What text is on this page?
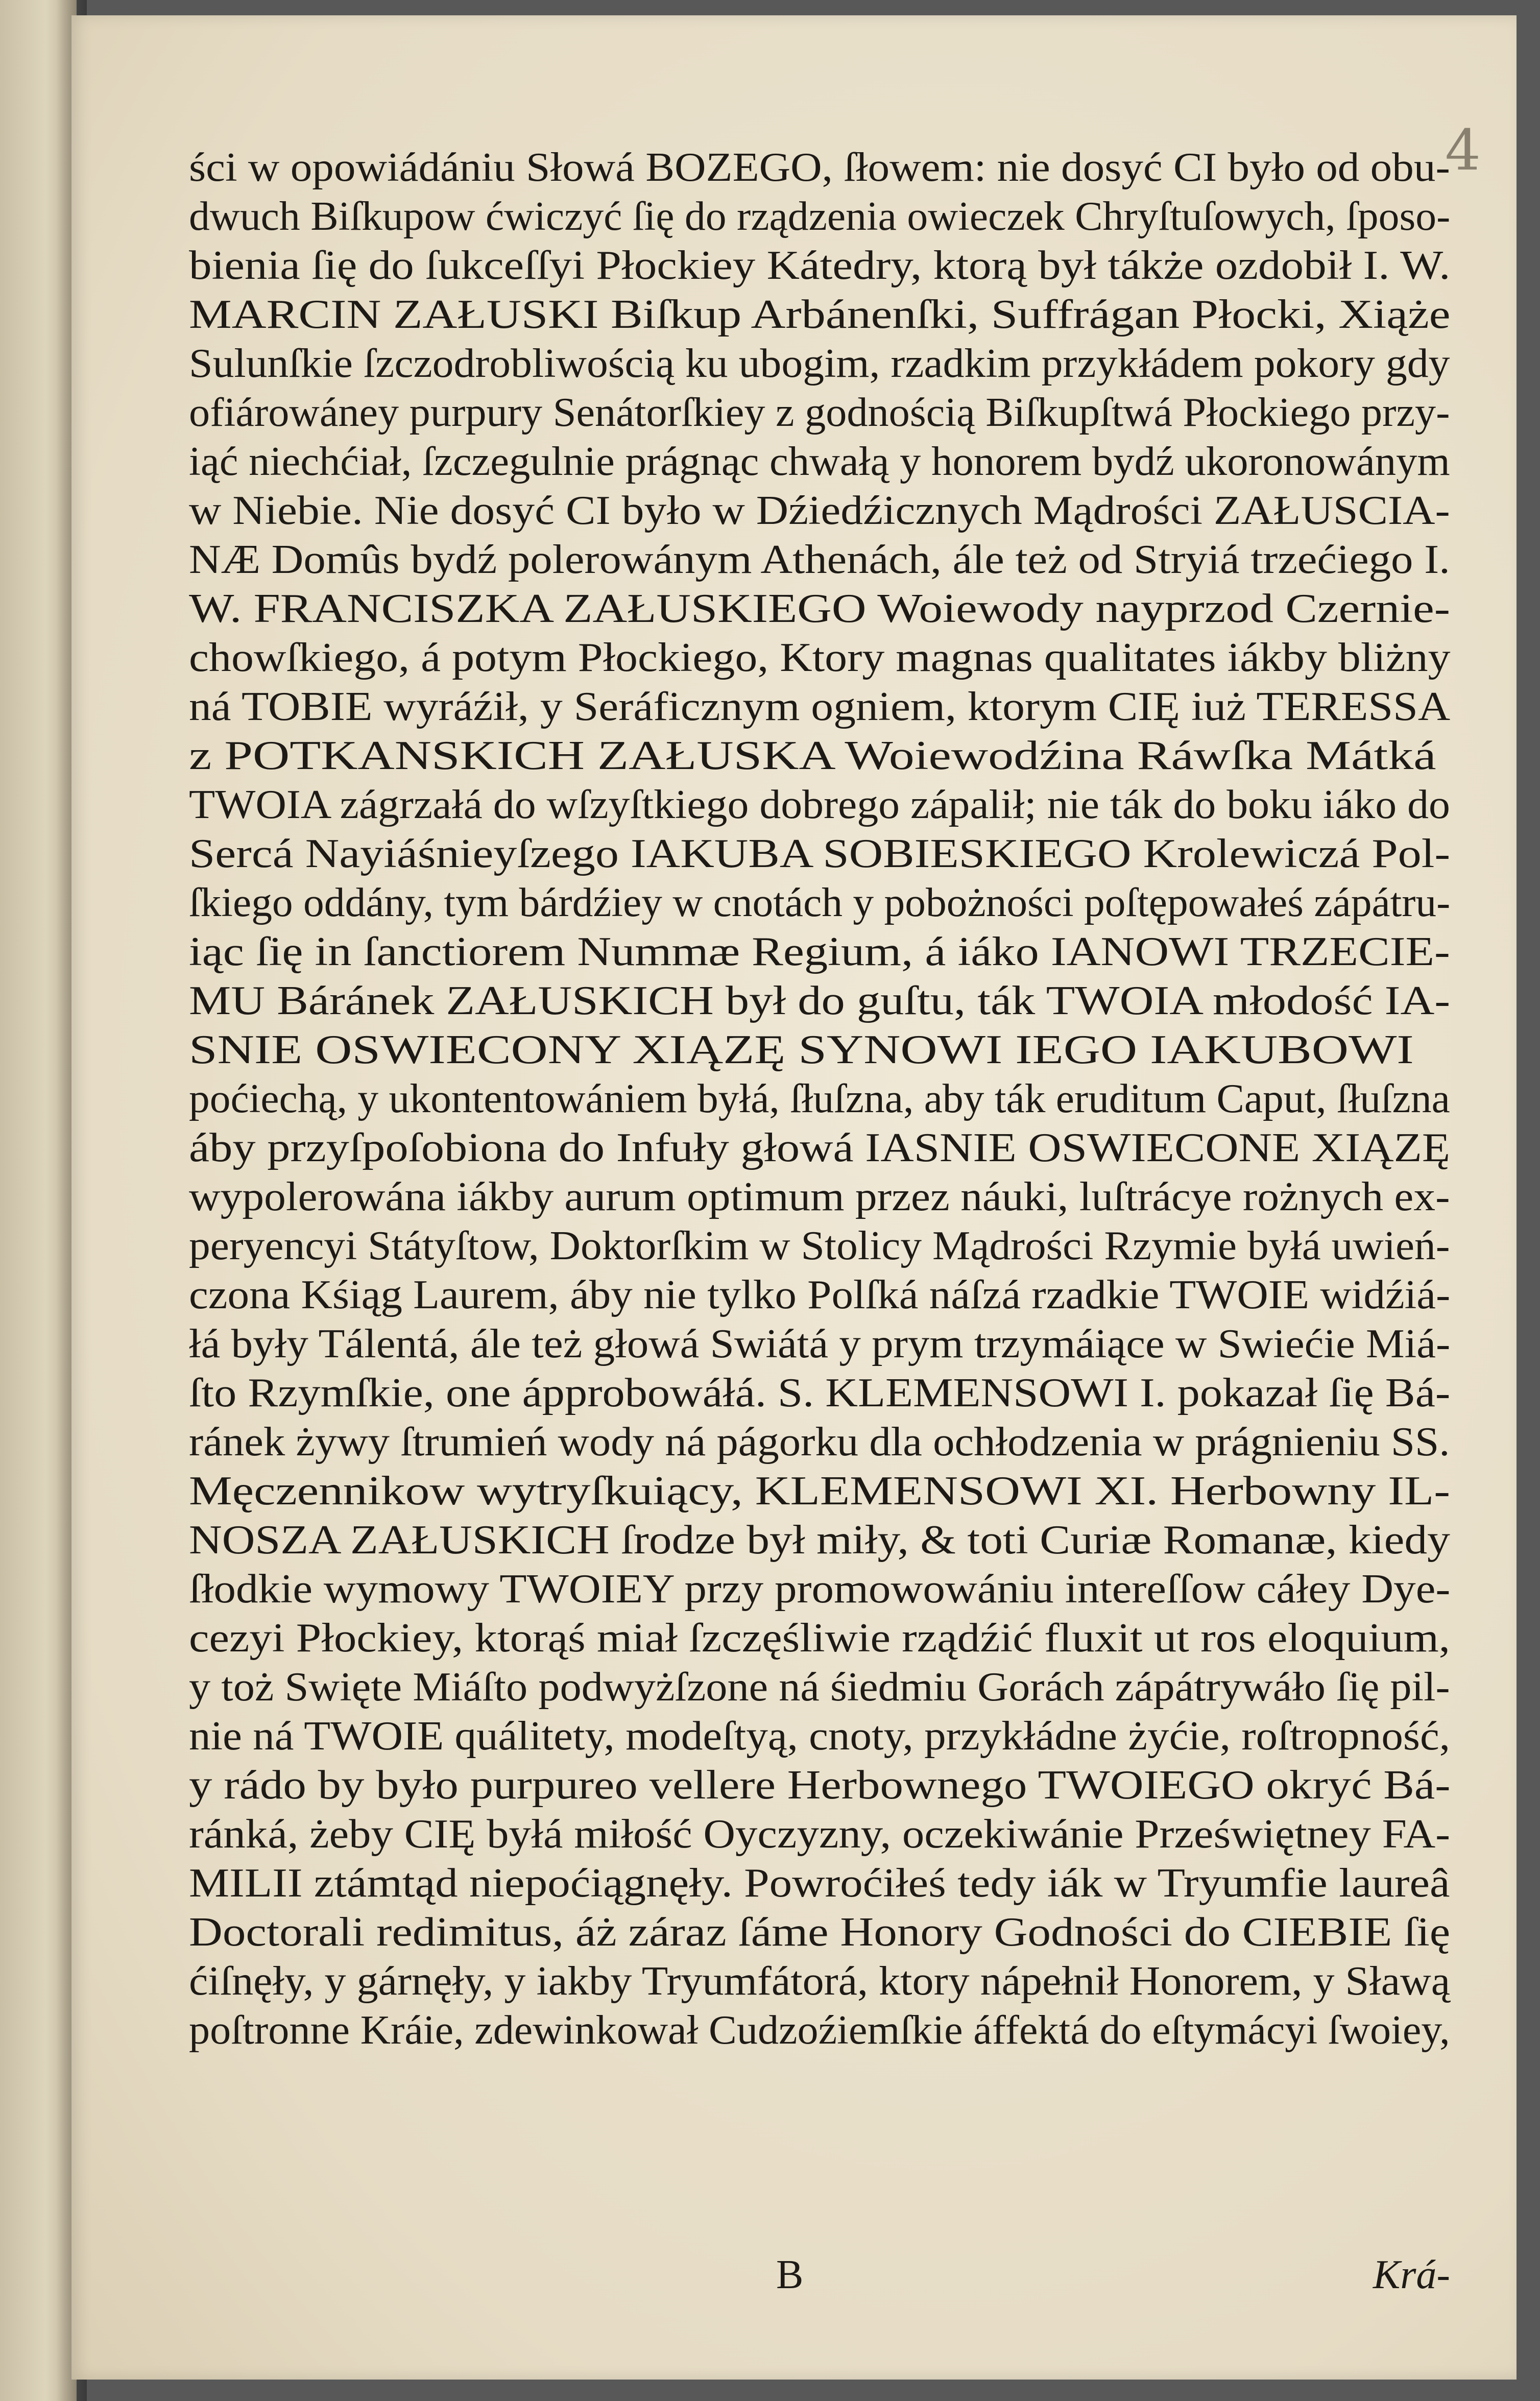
4
ści w opowiádániu Słowá BOZEGO, ſłowem: nie dosyć CI było od obu-
dwuch Biſkupow ćwiczyć ſię do rządzenia owieczek Chryſtuſowych, ſposo-
bienia ſię do ſukceſſyi Płockiey Kátedry, ktorą był tákże ozdobił I. W.
MARCIN ZAŁUSKI Biſkup Arbánenſki, Suffrágan Płocki, Xiąże
Sulunſkie ſzczodrobliwością ku ubogim, rzadkim przykłádem pokory gdy
ofiárowáney purpury Senátorſkiey z godnością Biſkupſtwá Płockiego przy-
iąć niechćiał, ſzczegulnie prágnąc chwałą y honorem bydź ukoronowánym
w Niebie. Nie dosyć CI było w Dźiedźicznych Mądrości ZAŁUSCIA-
NÆ Domûs bydź polerowánym Athenách, ále też od Stryiá trzećiego I.
W. FRANCISZKA ZAŁUSKIEGO Woiewody nayprzod Czernie-
chowſkiego, á potym Płockiego, Ktory magnas qualitates iákby bliżny
ná TOBIE wyráźił, y Seráficznym ogniem, ktorym CIĘ iuż TERESSA
z POTKANSKICH ZAŁUSKA Woiewodźina Ráwſka Mátká
TWOIA zágrzałá do wſzyſtkiego dobrego zápalił; nie ták do boku iáko do
Sercá Nayiáśnieyſzego IAKUBA SOBIESKIEGO Krolewiczá Pol-
ſkiego oddány, tym bárdźiey w cnotách y pobożności poſtępowałeś zápátru-
iąc ſię in ſanctiorem Nummæ Regium, á iáko IANOWI TRZECIE-
MU Báránek ZAŁUSKICH był do guſtu, ták TWOIA młodość IA-
SNIE OSWIECONY XIĄZĘ SYNOWI IEGO IAKUBOWI
poćiechą, y ukontentowániem byłá, ſłuſzna, aby ták eruditum Caput, ſłuſzna
áby przyſpoſobiona do Infuły głowá IASNIE OSWIECONE XIĄZĘ
wypolerowána iákby aurum optimum przez náuki, luſtrácye rożnych ex-
peryencyi Státyſtow, Doktorſkim w Stolicy Mądrości Rzymie byłá uwień-
czona Kśiąg Laurem, áby nie tylko Polſká náſzá rzadkie TWOIE widźiá-
łá były Tálentá, ále też głowá Swiátá y prym trzymáiące w Swiećie Miá-
ſto Rzymſkie, one ápprobowáłá. S. KLEMENSOWI I. pokazał ſię Bá-
ránek żywy ſtrumień wody ná págorku dla ochłodzenia w prágnieniu SS.
Męczennikow wytryſkuiący, KLEMENSOWI XI. Herbowny IL-
NOSZA ZAŁUSKICH ſrodze był miły, & toti Curiæ Romanæ, kiedy
ſłodkie wymowy TWOIEY przy promowowániu intereſſow cáłey Dye-
cezyi Płockiey, ktorąś miał ſzczęśliwie rządźić fluxit ut ros eloquium,
y toż Swięte Miáſto podwyżſzone ná śiedmiu Gorách zápátrywáło ſię pil-
nie ná TWOIE quálitety, modeſtyą, cnoty, przykłádne żyćie, roſtropność,
y rádo by było purpureo vellere Herbownego TWOIEGO okryć Bá-
ránká, żeby CIĘ byłá miłość Oyczyzny, oczekiwánie Przeświętney FA-
MILII ztámtąd niepoćiągnęły. Powroćiłeś tedy iák w Tryumfie laureâ
Doctorali redimitus, áż záraz ſáme Honory Godności do CIEBIE ſię
ćiſnęły, y gárnęły, y iakby Tryumfátorá, ktory nápełnił Honorem, y Sławą
poſtronne Kráie, zdewinkował Cudzoźiemſkie áffektá do eſtymácyi ſwoiey,
B	Krá-
